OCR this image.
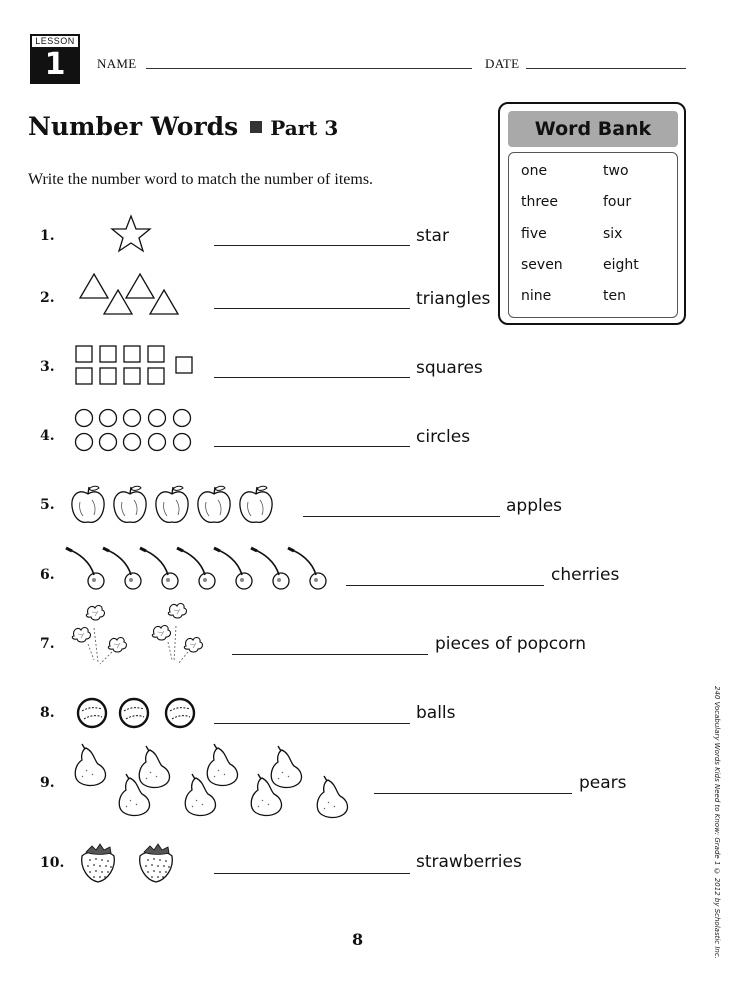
LESSON
1	NAME	DATE
Number Words Part 3
Write the number word to match the number of items.
Word Bank
one	two
three	four
five	six
seven	eight
nine	ten
1.	star
2.	triangles
3.	squares
4.	circles
5.	apples
6.	cherries
7.	pieces of popcorn
8.	balls
9.	pears
10.	strawberries
8	240 Vocabulary Words Kids Need to Know: Grade 1 © 2012 by Scholastic Inc.
